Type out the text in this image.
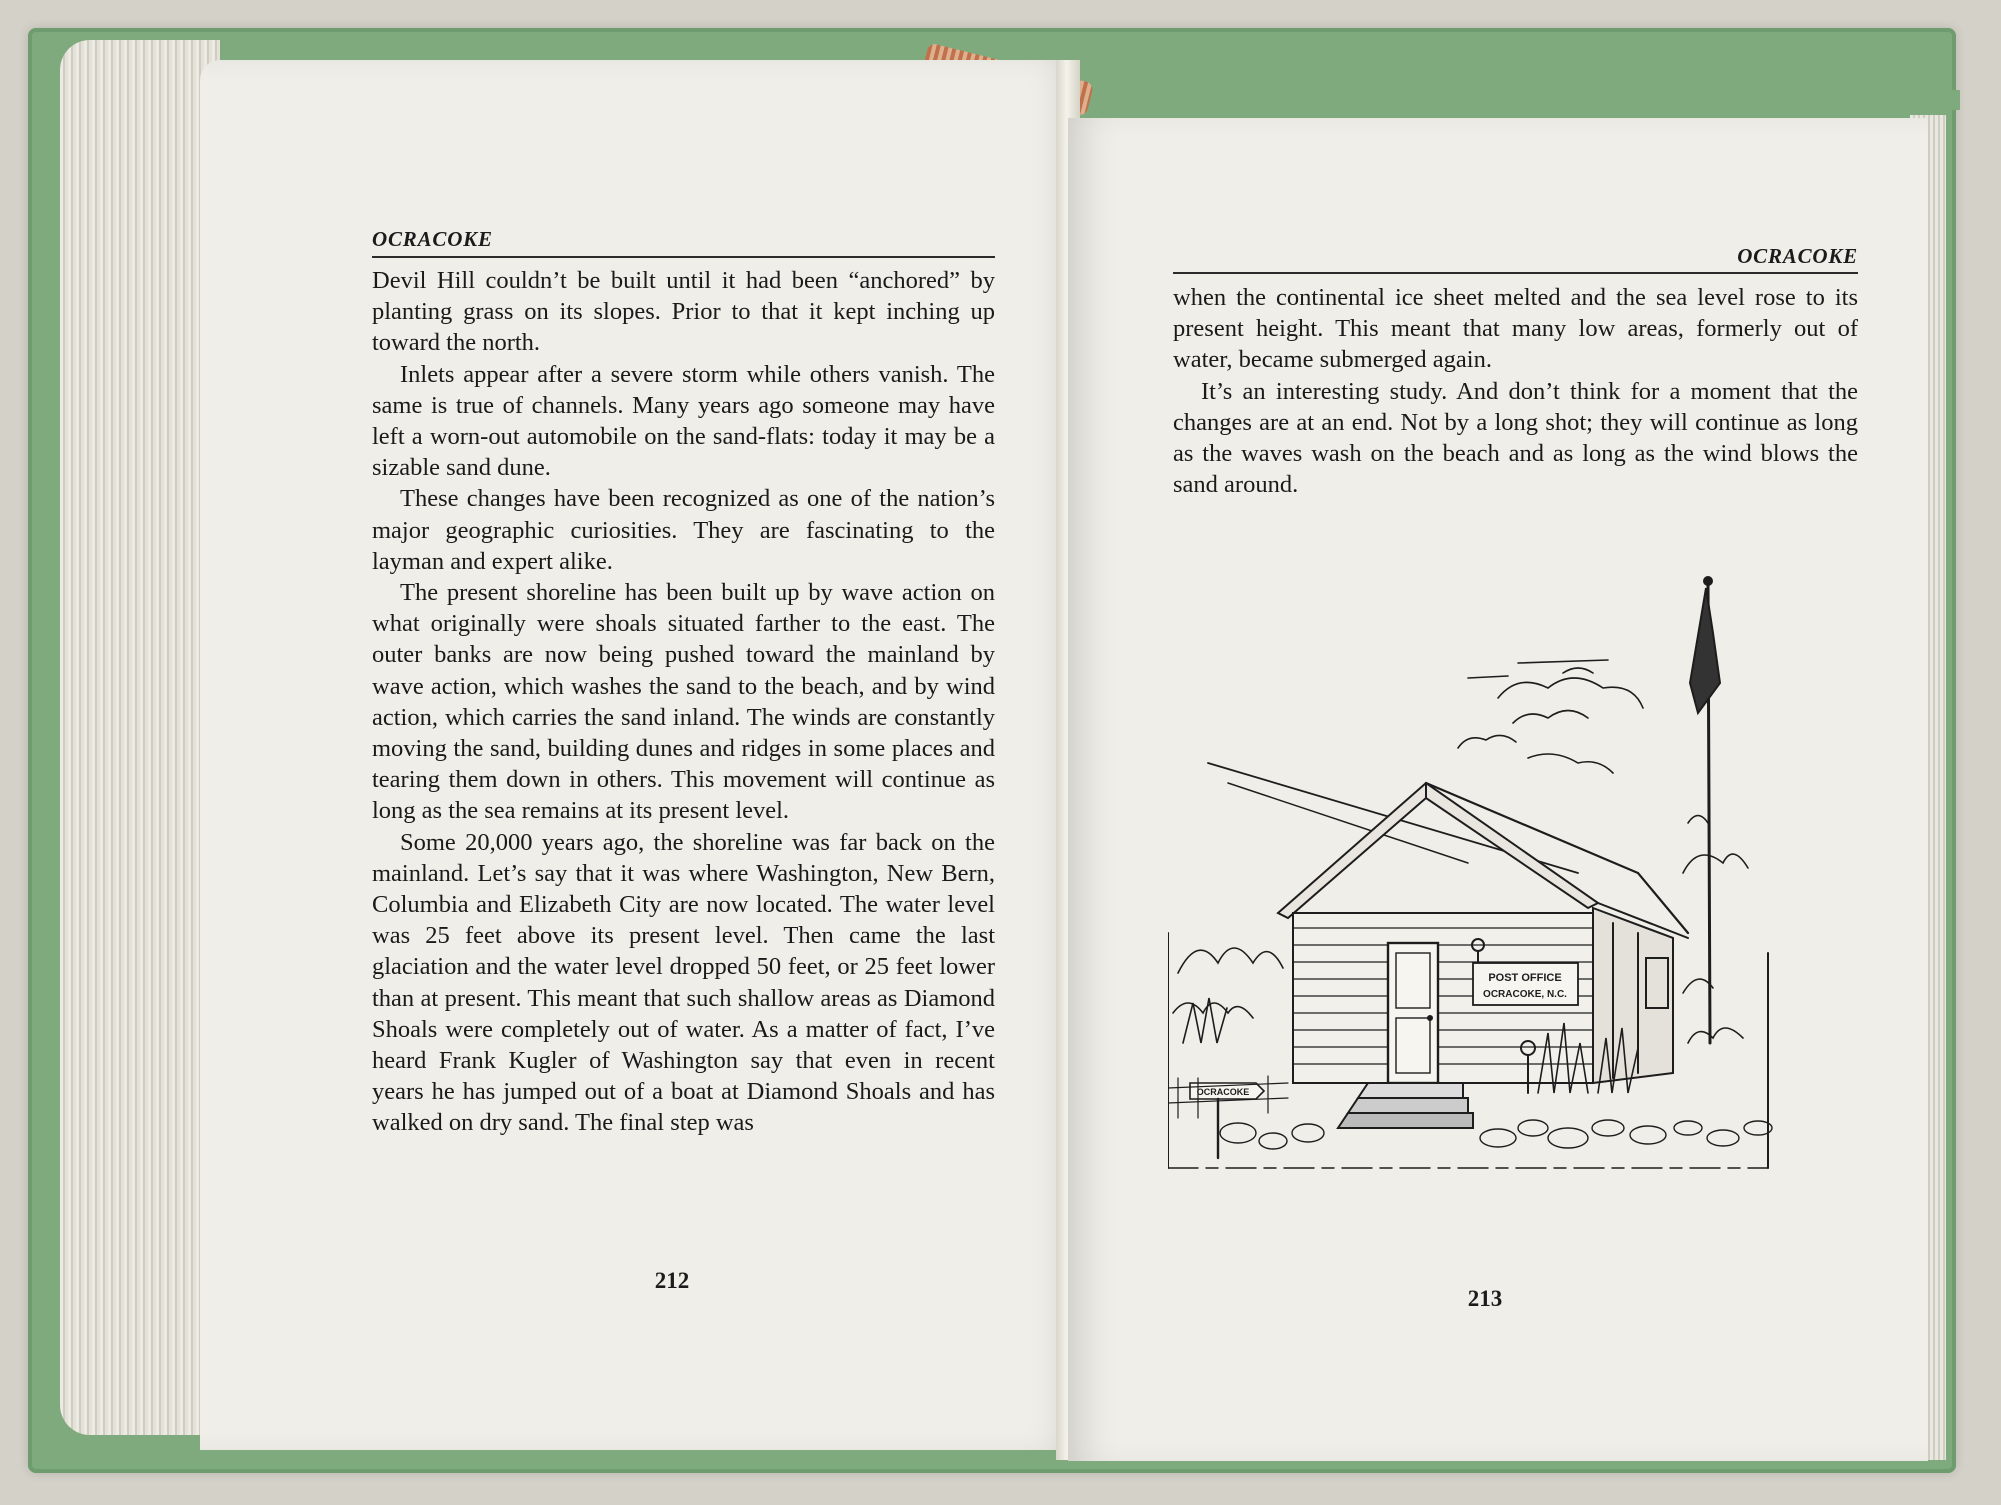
OCRACOKE

Devil Hill couldn’t be built until it had been “anchored” by planting grass on its slopes. Prior to that it kept inching up toward the north.

Inlets appear after a severe storm while others vanish. The same is true of channels. Many years ago someone may have left a worn-out automobile on the sand-flats: today it may be a sizable sand dune.

These changes have been recognized as one of the nation’s major geographic curiosities. They are fascinating to the layman and expert alike.

The present shoreline has been built up by wave action on what originally were shoals situated farther to the east. The outer banks are now being pushed toward the mainland by wave action, which washes the sand to the beach, and by wind action, which carries the sand inland. The winds are constantly moving the sand, building dunes and ridges in some places and tearing them down in others. This movement will continue as long as the sea remains at its present level.

Some 20,000 years ago, the shoreline was far back on the mainland. Let’s say that it was where Washington, New Bern, Columbia and Elizabeth City are now located. The water level was 25 feet above its present level. Then came the last glaciation and the water level dropped 50 feet, or 25 feet lower than at present. This meant that such shallow areas as Diamond Shoals were completely out of water. As a matter of fact, I’ve heard Frank Kugler of Washington say that even in recent years he has jumped out of a boat at Diamond Shoals and has walked on dry sand. The final step was

212
OCRACOKE

when the continental ice sheet melted and the sea level rose to its present height. This meant that many low areas, formerly out of water, became submerged again.

It’s an interesting study. And don’t think for a moment that the changes are at an end. Not by a long shot; they will continue as long as the waves wash on the beach and as long as the wind blows the sand around.

POST OFFICE
OCRACOKE, N.C.
OCRACOKE
213
